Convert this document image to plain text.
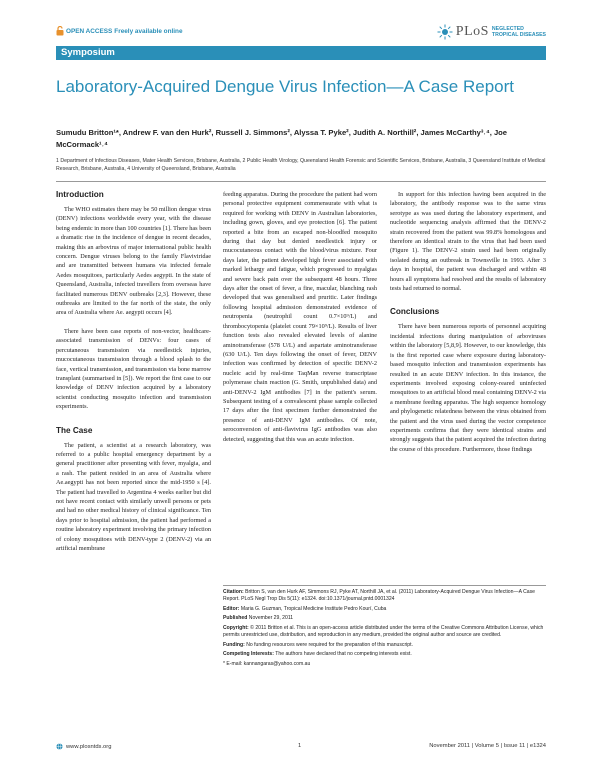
OPEN ACCESS Freely available online	PLoS NEGLECTED
TROPICAL DISEASES
Symposium
Laboratory-Acquired Dengue Virus Infection—A Case Report
Sumudu Britton¹*, Andrew F. van den Hurk², Russell J. Simmons², Alyssa T. Pyke², Judith A. Northill², James McCarthy³˒⁴, Joe McCormack¹˒⁴
1 Department of Infectious Diseases, Mater Health Services, Brisbane, Australia, 2 Public Health Virology, Queensland Health Forensic and Scientific Services, Brisbane, Australia, 3 Queensland Institute of Medical Research, Brisbane, Australia, 4 University of Queensland, Brisbane, Australia
Introduction

The WHO estimates there may be 50 million dengue virus (DENV) infections worldwide every year, with the disease being endemic in more than 100 countries [1]. There has been a dramatic rise in the incidence of dengue in recent decades, making this an arbovirus of major international public health concern. Dengue viruses belong to the family Flaviviridae and are transmitted between humans via infected female Aedes mosquitoes, particularly Aedes aegypti. In the state of Queensland, Australia, infected travellers from overseas have facilitated numerous DENV outbreaks [2,3]. However, these outbreaks are limited to the far north of the state, the only area of Australia where Ae. aegypti occurs [4].

There have been case reports of non-vector, healthcare-associated transmission of DENVs: four cases of percutaneous transmission via needlestick injuries, mucocutaneous transmission through a blood splash to the face, vertical transmission, and transmission via bone marrow transplant (summarised in [5]). We report the first case to our knowledge of DENV infection acquired by a laboratory scientist conducting mosquito infection and transmission experiments.

The Case

The patient, a scientist at a research laboratory, was referred to a public hospital emergency department by a general practitioner after presenting with fever, myalgia, and a rash. The patient resided in an area of Australia where Ae.aegypti has not been reported since the mid-1950 s [4]. The patient had travelled to Argentina 4 weeks earlier but did not have recent contact with similarly unwell persons or pets and had no other medical history of clinical significance. Ten days prior to hospital admission, the patient had performed a routine laboratory experiment involving the primary infection of colony mosquitoes with DENV-type 2 (DENV-2) via an artificial membrane

feeding apparatus. During the procedure the patient had worn personal protective equipment commensurate with what is required for working with DENV in Australian laboratories, including gown, gloves, and eye protection [6]. The patient reported a bite from an escaped non-bloodfed mosquito during that day but denied needlestick injury or mucocutaneous contact with the blood/virus mixture. Four days later, the patient developed high fever associated with marked lethargy and fatigue, which progressed to myalgias and severe back pain over the subsequent 48 hours. Three days after the onset of fever, a fine, macular, blanching rash developed that was generalised and pruritic. Later findings following hospital admission demonstrated evidence of neutropenia (neutrophil count 0.7×10⁹/L) and thrombocytopenia (platelet count 79×10⁹/L). Results of liver function tests also revealed elevated levels of alanine aminotransferase (578 U/L) and aspartate aminotransferase (630 U/L). Ten days following the onset of fever, DENV infection was confirmed by detection of specific DENV-2 nucleic acid by real-time TaqMan reverse transcriptase polymerase chain reaction (G. Smith, unpublished data) and anti-DENV-2 IgM antibodies [7] in the patient's serum. Subsequent testing of a convalescent phase sample collected 17 days after the first specimen further demonstrated the presence of anti-DENV IgM antibodies. Of note, seroconversion of anti-flavivirus IgG antibodies was also detected, suggesting that this was an acute infection.

In support for this infection having been acquired in the laboratory, the antibody response was to the same virus serotype as was used during the laboratory experiment, and nucleotide sequencing analysis affirmed that the DENV-2 strain recovered from the patient was 99.8% homologous and therefore an identical strain to the virus that had been used (Figure 1). The DENV-2 strain used had been originally isolated during an outbreak in Townsville in 1993. After 3 days in hospital, the patient was discharged and within 48 hours all symptoms had resolved and the results of laboratory tests had returned to normal.

Conclusions

There have been numerous reports of personnel acquiring incidental infections during manipulation of arboviruses within the laboratory [5,8,9]. However, to our knowledge, this is the first reported case where exposure during laboratory-based mosquito infection and transmission experiments has resulted in an acute DENV infection. In this instance, the experiments involved exposing colony-reared uninfected mosquitoes to an artificial blood meal containing DENV-2 via a membrane feeding apparatus. The high sequence homology and phylogenetic relatedness between the virus obtained from the patient and the virus used during the vector competence experiments confirms that they were identical strains and strongly suggests that the patient acquired the infection during the course of this procedure. Furthermore, those findings

Citation: Britton S, van den Hurk AF, Simmons RJ, Pyke AT, Northill JA, et al. (2011) Laboratory-Acquired Dengue Virus Infection—A Case Report. PLoS Negl Trop Dis 5(11): e1324. doi:10.1371/journal.pntd.0001324
Editor: Maria G. Guzman, Tropical Medicine Institute Pedro Kourí, Cuba
Published November 29, 2011
Copyright: © 2011 Britton et al. This is an open-access article distributed under the terms of the Creative Commons Attribution License, which permits unrestricted use, distribution, and reproduction in any medium, provided the original author and source are credited.
Funding: No funding resources were required for the preparation of this manuscript.
Competing Interests: The authors have declared that no competing interests exist.
* E-mail: kannangaras@yahoo.com.au
www.plosntds.org	1	November 2011 | Volume 5 | Issue 11 | e1324
